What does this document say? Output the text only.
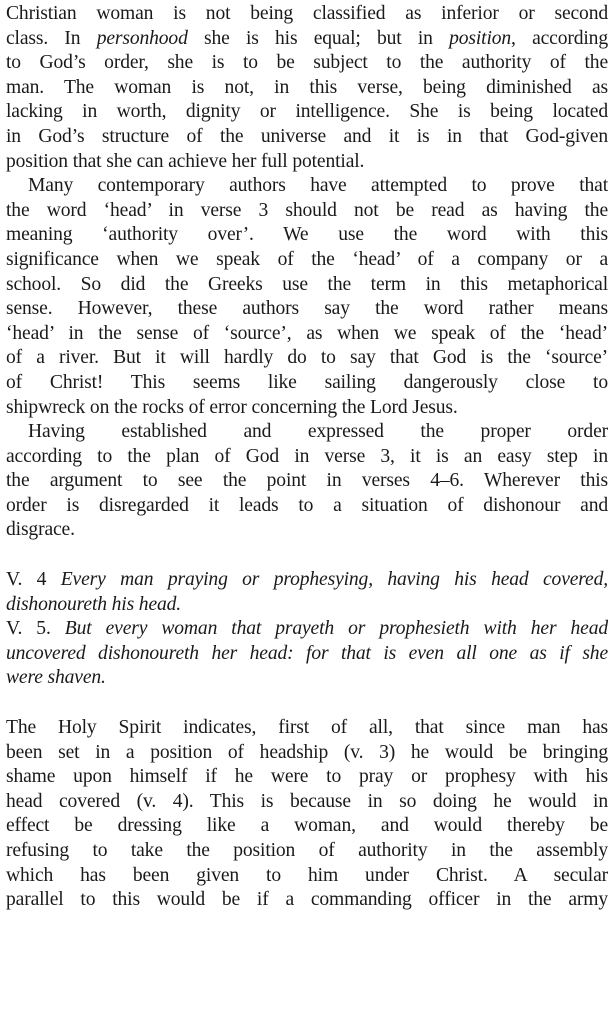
Christian woman is not being classified as inferior or second
class. In personhood she is his equal; but in position, according
to God’s order, she is to be subject to the authority of the
man. The woman is not, in this verse, being diminished as
lacking in worth, dignity or intelligence. She is being located
in God’s structure of the universe and it is in that God-given
position that she can achieve her full potential.
Many contemporary authors have attempted to prove that
the word ‘head’ in verse 3 should not be read as having the
meaning ‘authority over’. We use the word with this
significance when we speak of the ‘head’ of a company or a
school. So did the Greeks use the term in this metaphorical
sense. However, these authors say the word rather means
‘head’ in the sense of ‘source’, as when we speak of the ‘head’
of a river. But it will hardly do to say that God is the ‘source’
of Christ! This seems like sailing dangerously close to
shipwreck on the rocks of error concerning the Lord Jesus.
Having established and expressed the proper order
according to the plan of God in verse 3, it is an easy step in
the argument to see the point in verses 4–6. Wherever this
order is disregarded it leads to a situation of dishonour and
disgrace.
V. 4 Every man praying or prophesying, having his head covered,
dishonoureth his head.
V. 5. But every woman that prayeth or prophesieth with her head
uncovered dishonoureth her head: for that is even all one as if she
were shaven.
The Holy Spirit indicates, first of all, that since man has
been set in a position of headship (v. 3) he would be bringing
shame upon himself if he were to pray or prophesy with his
head covered (v. 4). This is because in so doing he would in
effect be dressing like a woman, and would thereby be
refusing to take the position of authority in the assembly
which has been given to him under Christ. A secular
parallel to this would be if a commanding officer in the army
